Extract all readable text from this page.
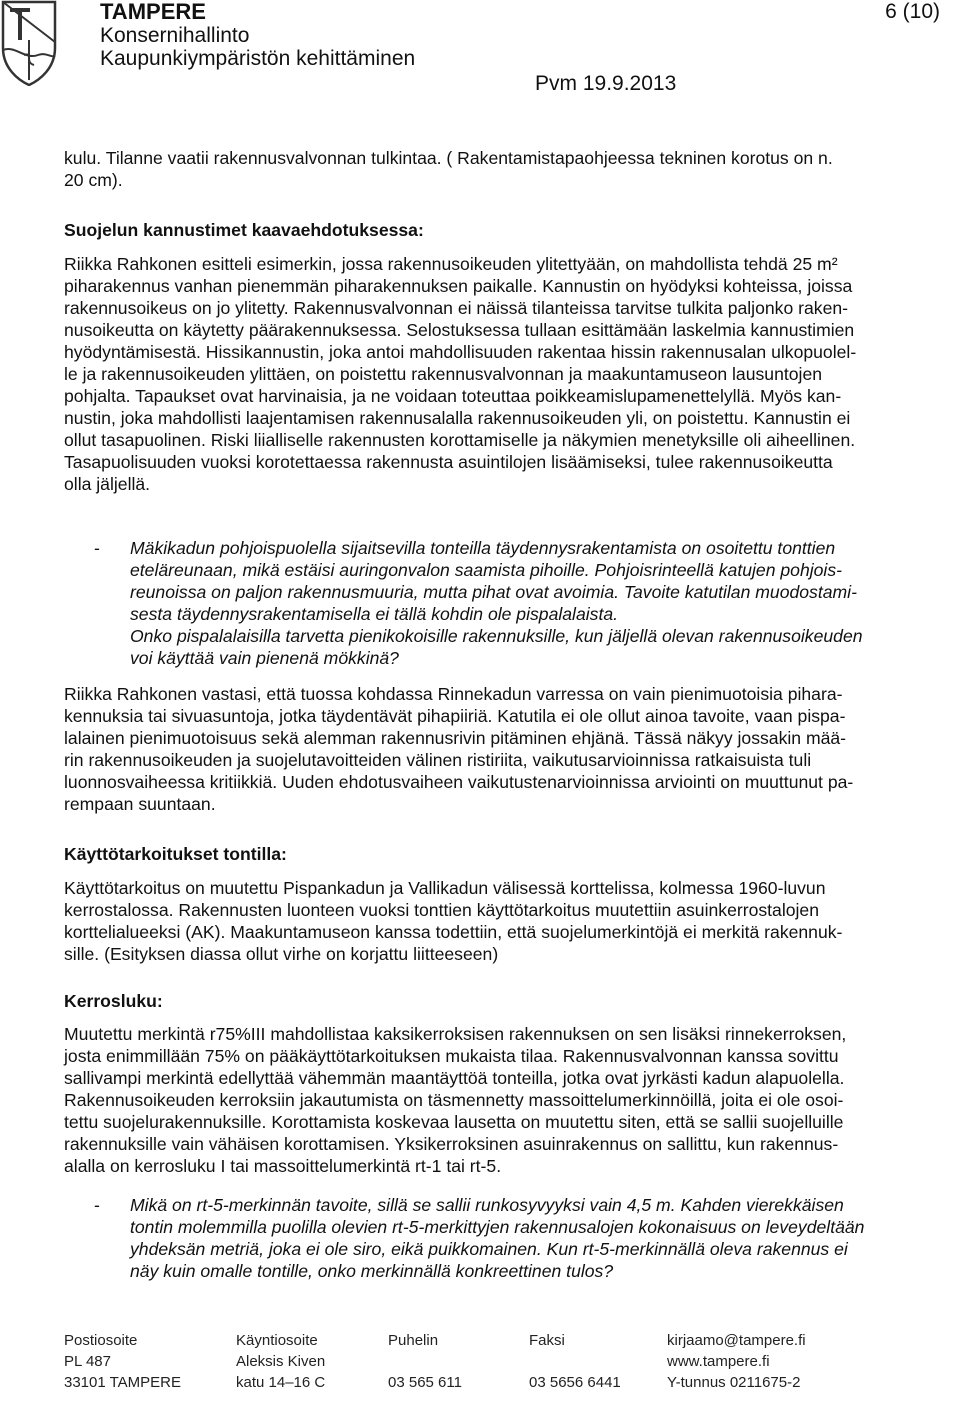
TAMPERE
Konsernihallinto
Kaupunkiympäristön kehittäminen
6 (10)
Pvm 19.9.2013
kulu. Tilanne vaatii rakennusvalvonnan tulkintaa. ( Rakentamistapaohjeessa tekninen korotus on n.
20 cm).
Suojelun kannustimet kaavaehdotuksessa:
Riikka Rahkonen esitteli esimerkin, jossa rakennusoikeuden ylitettyään, on mahdollista tehdä 25 m²
piharakennus vanhan pienemmän piharakennuksen paikalle. Kannustin on hyödyksi kohteissa, joissa
rakennusoikeus on jo ylitetty. Rakennusvalvonnan ei näissä tilanteissa tarvitse tulkita paljonko raken-
nusoikeutta on käytetty päärakennuksessa. Selostuksessa tullaan esittämään laskelmia kannustimien
hyödyntämisestä. Hissikannustin, joka antoi mahdollisuuden rakentaa hissin rakennusalan ulkopuolel-
le ja rakennusoikeuden ylittäen, on poistettu rakennusvalvonnan ja maakuntamuseon lausuntojen
pohjalta. Tapaukset ovat harvinaisia, ja ne voidaan toteuttaa poikkeamislupamenettelyllä. Myös kan-
nustin, joka mahdollisti laajentamisen rakennusalalla rakennusoikeuden yli, on poistettu. Kannustin ei
ollut tasapuolinen. Riski liialliselle rakennusten korottamiselle ja näkymien menetyksille oli aiheellinen.
Tasapuolisuuden vuoksi korotettaessa rakennusta asuintilojen lisäämiseksi, tulee rakennusoikeutta
olla jäljellä.
- Mäkikadun pohjoispuolella sijaitsevilla tonteilla täydennysrakentamista on osoitettu tonttien
eteläreunaan, mikä estäisi auringonvalon saamista pihoille. Pohjoisrinteellä katujen pohjois-
reunoissa on paljon rakennusmuuria, mutta pihat ovat avoimia. Tavoite katutilan muodostami-
sesta täydennysrakentamisella ei tällä kohdin ole pispalalaista.
Onko pispalalaisilla tarvetta pienikokoisille rakennuksille, kun jäljellä olevan rakennusoikeuden
voi käyttää vain pienenä mökkinä?
Riikka Rahkonen vastasi, että tuossa kohdassa Rinnekadun varressa on vain pienimuotoisia pihara-
kennuksia tai sivuasuntoja, jotka täydentävät pihapiiriä. Katutila ei ole ollut ainoa tavoite, vaan pispa-
lalainen pienimuotoisuus sekä alemman rakennusrivin pitäminen ehjänä. Tässä näkyy jossakin mää-
rin rakennusoikeuden ja suojelutavoitteiden välinen ristiriita, vaikutusarvioinnissa ratkaisuista tuli
luonnosvaiheessa kritiikkiä. Uuden ehdotusvaiheen vaikutustenarvioinnissa arviointi on muuttunut pa-
rempaan suuntaan.
Käyttötarkoitukset tontilla:
Käyttötarkoitus on muutettu Pispankadun ja Vallikadun välisessä korttelissa, kolmessa 1960-luvun
kerrostalossa. Rakennusten luonteen vuoksi tonttien käyttötarkoitus muutettiin asuinkerrostalojen
korttelialueeksi (AK). Maakuntamuseon kanssa todettiin, että suojelumerkintöjä ei merkitä rakennuk-
sille. (Esityksen diassa ollut virhe on korjattu liitteeseen)
Kerrosluku:
Muutettu merkintä r75%III mahdollistaa kaksikerroksisen rakennuksen on sen lisäksi rinnekerroksen,
josta enimmillään 75% on pääkäyttötarkoituksen mukaista tilaa. Rakennusvalvonnan kanssa sovittu
sallivampi merkintä edellyttää vähemmän maantäyttöä tonteilla, jotka ovat jyrkästi kadun alapuolella.
Rakennusoikeuden kerroksiin jakautumista on täsmennetty massoittelumerkinnöillä, joita ei ole osoi-
tettu suojelurakennuksille. Korottamista koskevaa lausetta on muutettu siten, että se sallii suojelluille
rakennuksille vain vähäisen korottamisen. Yksikerroksinen asuinrakennus on sallittu, kun rakennus-
alalla on kerrosluku I tai massoittelumerkintä rt-1 tai rt-5.
- Mikä on rt-5-merkinnän tavoite, sillä se sallii runkosyvyyksi vain 4,5 m. Kahden vierekkäisen
tontin molemmilla puolilla olevien rt-5-merkittyjen rakennusalojen kokonaisuus on leveydeltään
yhdeksän metriä, joka ei ole siro, eikä puikkomainen. Kun rt-5-merkinnällä oleva rakennus ei
näy kuin omalle tontille, onko merkinnällä konkreettinen tulos?
Postiosoite
PL 487
33101 TAMPERE
Käyntiosoite
Aleksis Kiven
katu 14–16 C
Puhelin

03 565 611
Faksi

03 5656 6441
kirjaamo@tampere.fi
www.tampere.fi
Y-tunnus 0211675-2
